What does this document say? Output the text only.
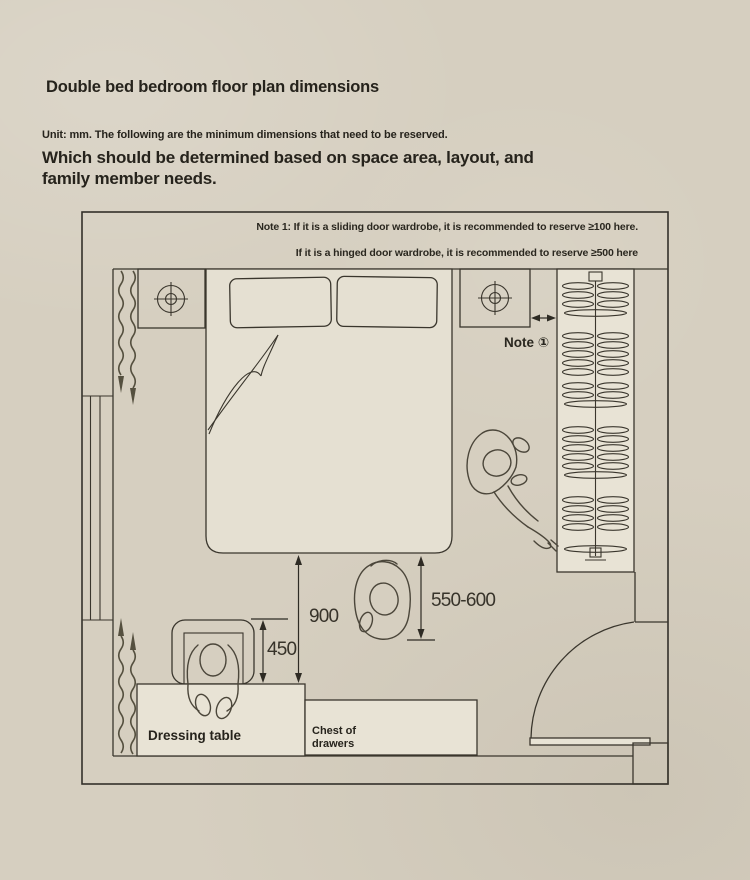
Double bed bedroom floor plan dimensions
Unit: mm. The following are the minimum dimensions that need to be reserved.
Which should be determined based on space area, layout, and family member needs.
Note 1: If it is a sliding door wardrobe, it is recommended to reserve ≥100 here.
If it is a hinged door wardrobe, it is recommended to reserve ≥500 here
Note ①
900
450
550-600
Dressing table	Chest of drawers
